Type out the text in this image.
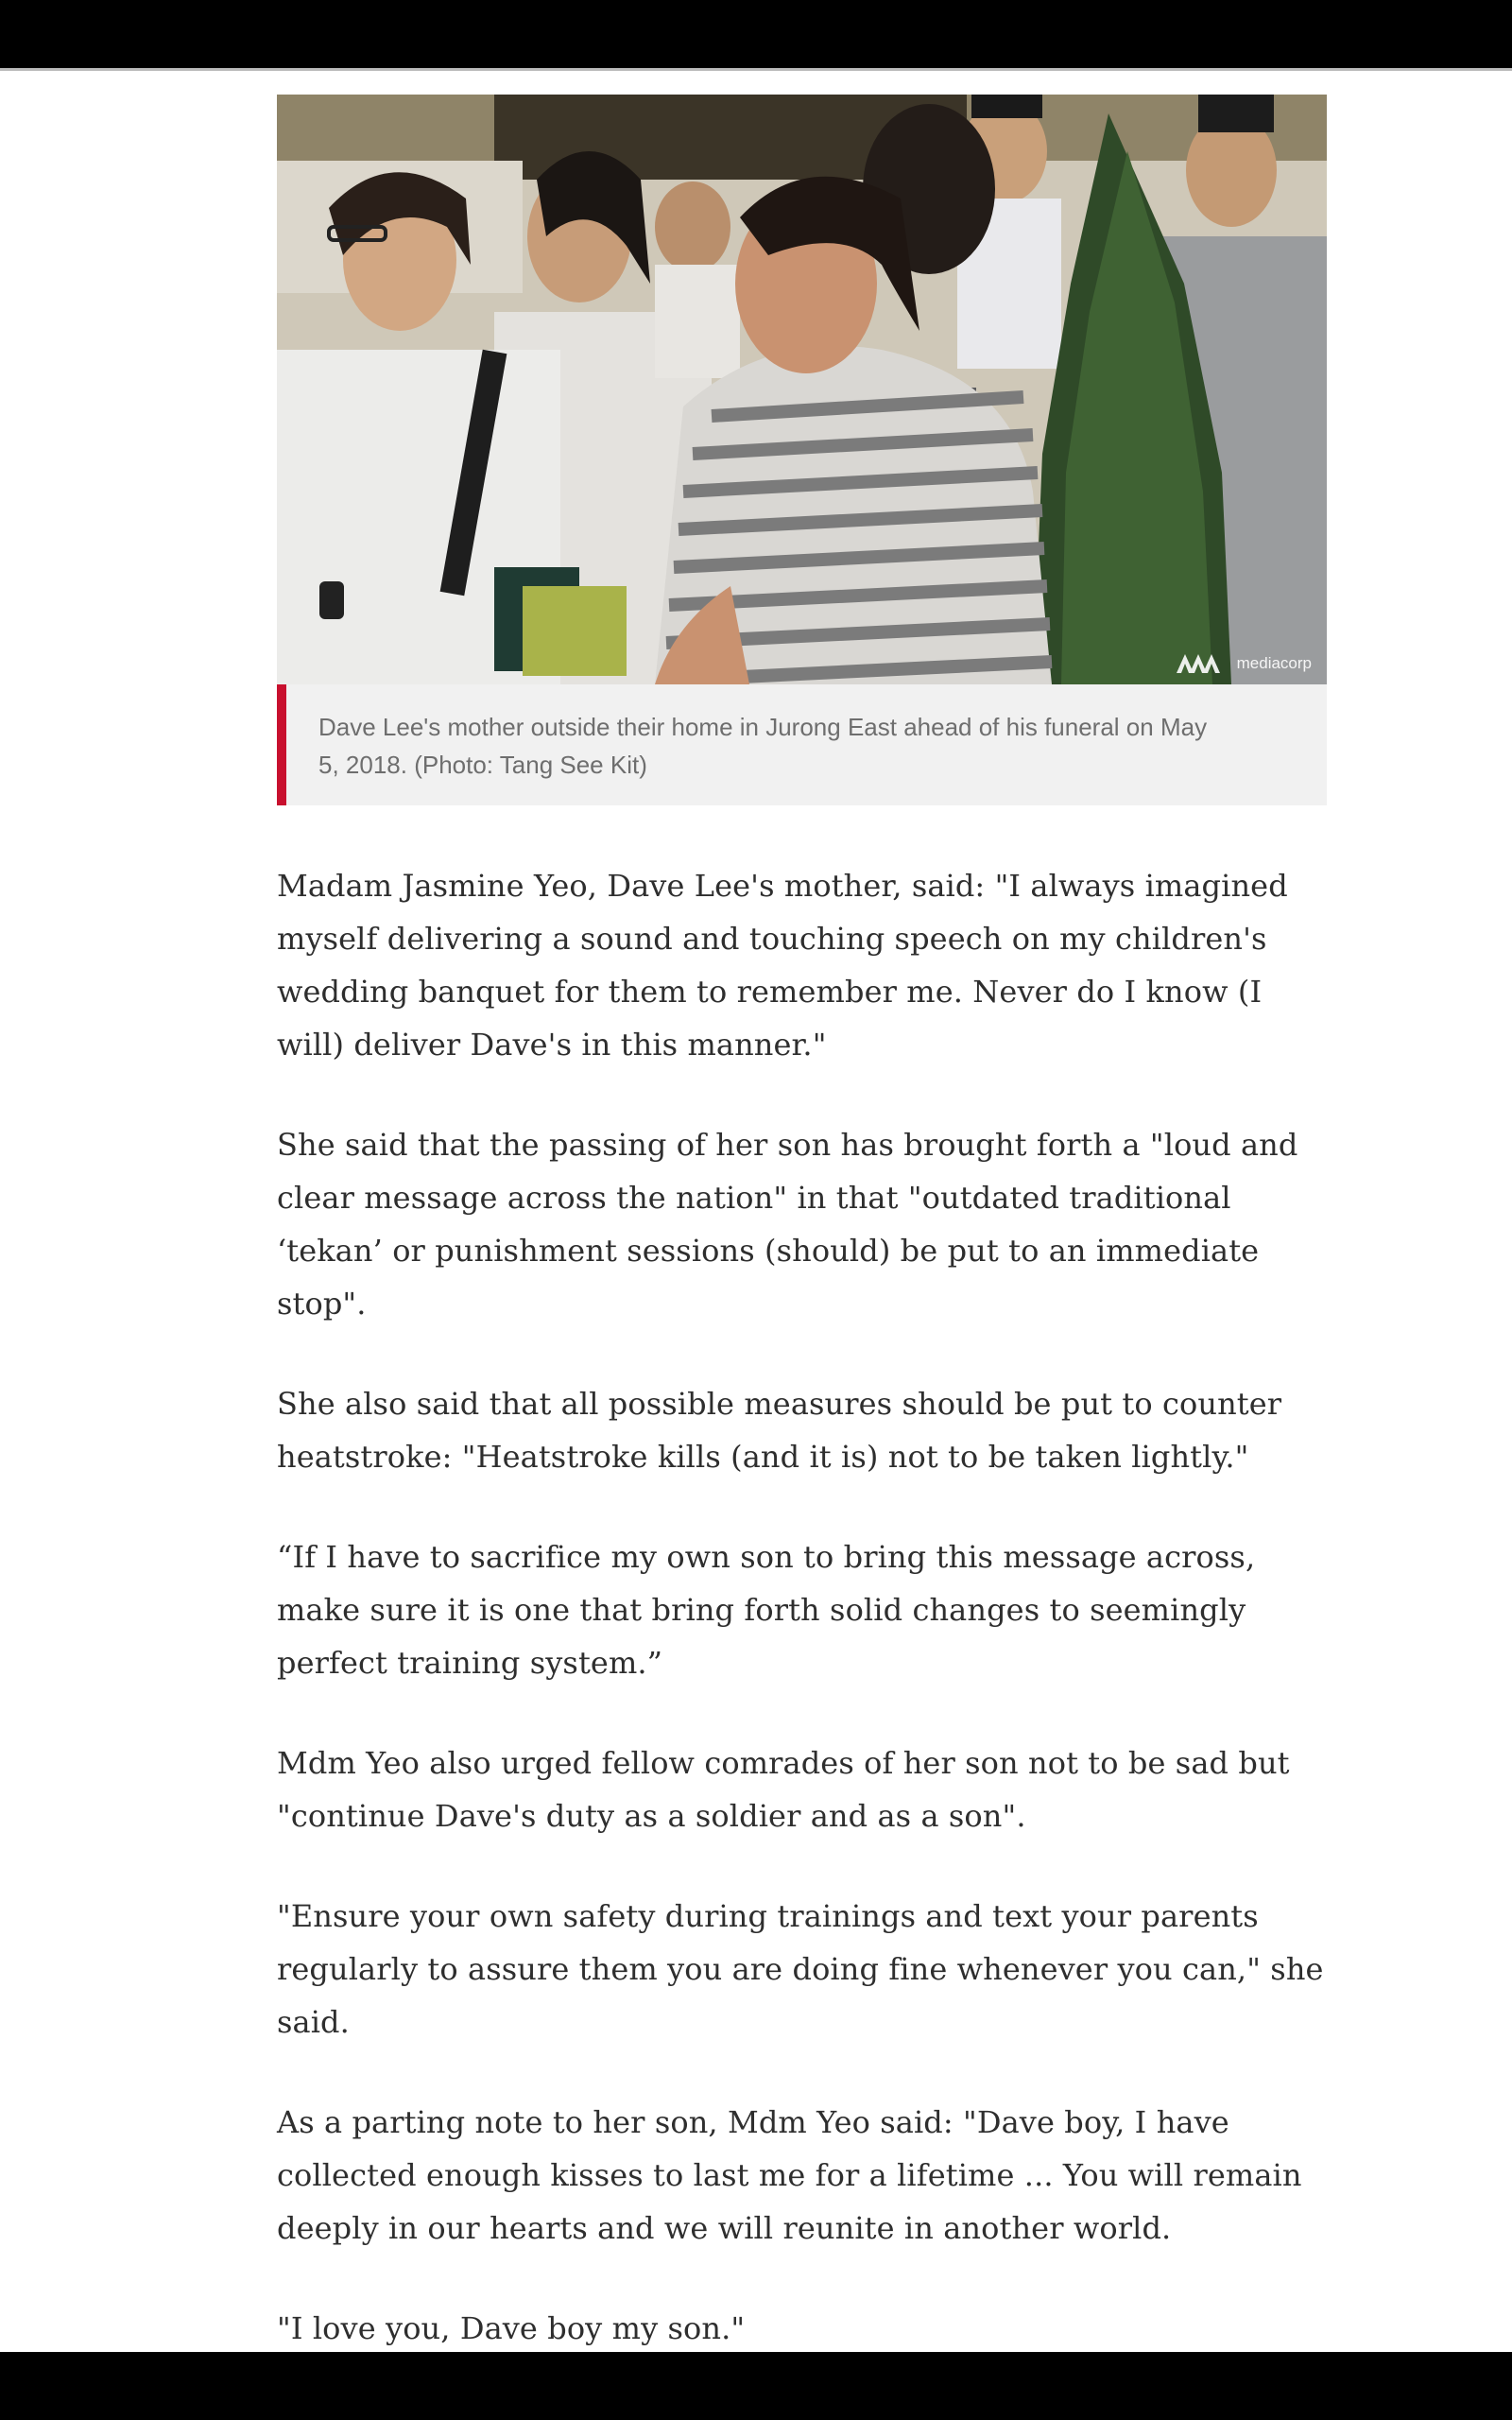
mediacorp
Dave Lee's mother outside their home in Jurong East ahead of his funeral on May 5, 2018. (Photo: Tang See Kit)

Madam Jasmine Yeo, Dave Lee's mother, said: "I always imagined myself delivering a sound and touching speech on my children's wedding banquet for them to remember me. Never do I know (I will) deliver Dave's in this manner."

She said that the passing of her son has brought forth a "loud and clear message across the nation" in that "outdated traditional ‘tekan’ or punishment sessions (should) be put to an immediate stop".

She also said that all possible measures should be put to counter heatstroke: "Heatstroke kills (and it is) not to be taken lightly."

“If I have to sacrifice my own son to bring this message across, make sure it is one that bring forth solid changes to seemingly perfect training system.”

Mdm Yeo also urged fellow comrades of her son not to be sad but "continue Dave's duty as a soldier and as a son".

"Ensure your own safety during trainings and text your parents regularly to assure them you are doing fine whenever you can," she said.

As a parting note to her son, Mdm Yeo said: "Dave boy, I have collected enough kisses to last me for a lifetime ... You will remain deeply in our hearts and we will reunite in another world.

"I love you, Dave boy my son."
